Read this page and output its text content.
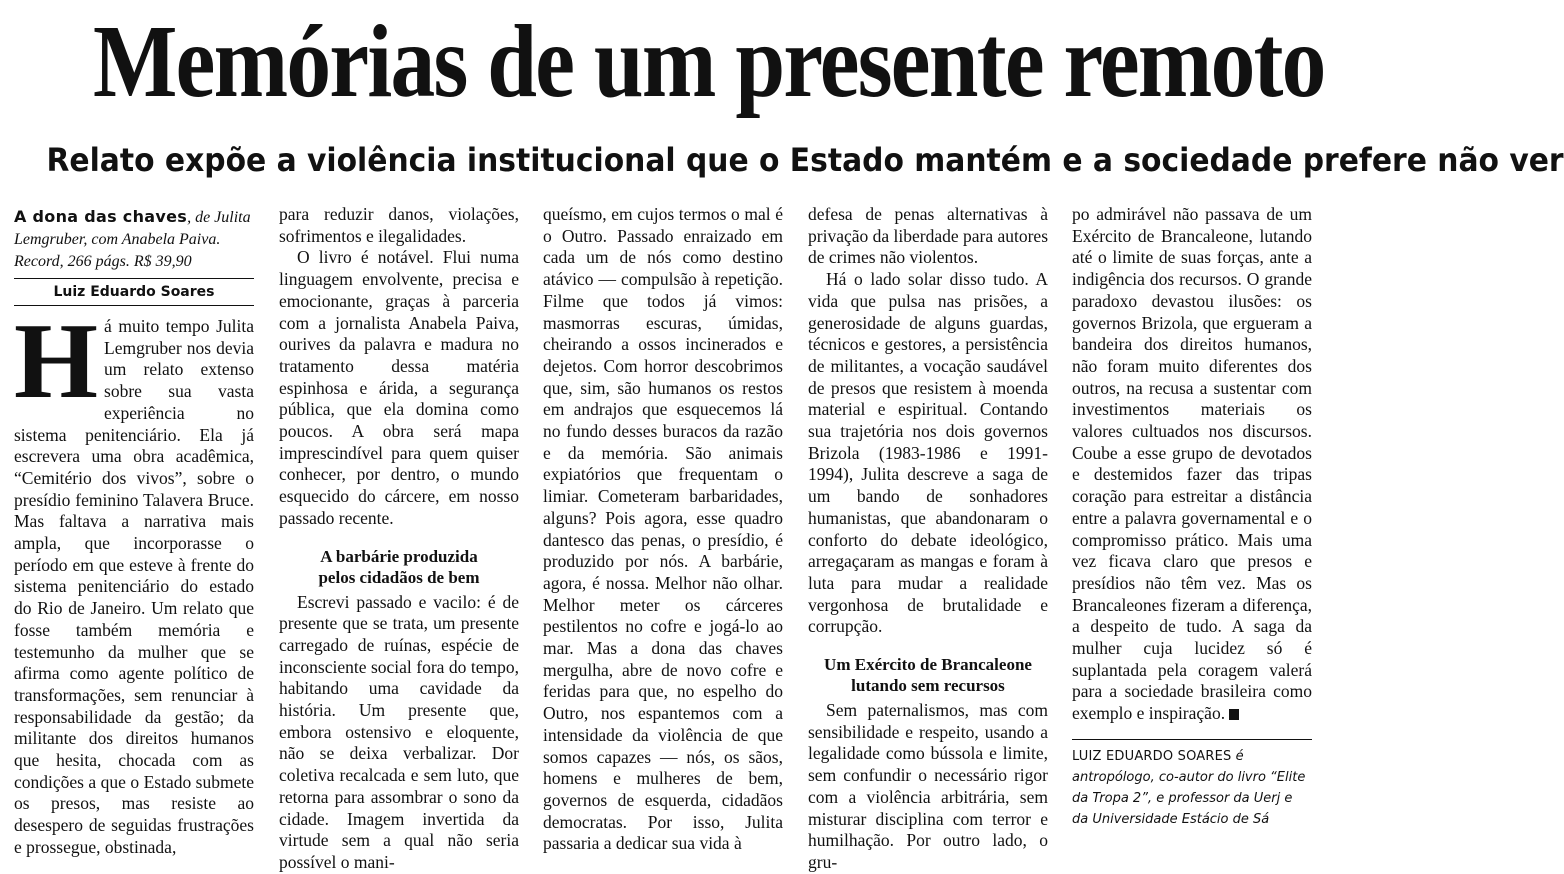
Memórias de um presente remoto
Relato expõe a violência institucional que o Estado mantém e a sociedade prefere não ver
A dona das chaves, de Julita
Lemgruber, com Anabela Paiva.
Record, 266 págs. R$ 39,90
Luiz Eduardo Soares
H á muito tempo Julita Lemgruber nos devia um relato extenso sobre sua vasta experiência no sistema penitenciário. Ela já escrevera uma obra acadêmica, “Cemitério dos vivos”, sobre o presídio feminino Talavera Bruce. Mas faltava a narrativa mais ampla, que incorporasse o período em que esteve à frente do sistema penitenciário do estado do Rio de Janeiro. Um relato que fosse também memória e testemunho da mulher que se afirma como agente político de transformações, sem renunciar à responsabilidade da gestão; da militante dos direitos humanos que hesita, chocada com as condições a que o Estado submete os presos, mas resiste ao desespero de seguidas frustrações e prossegue, obstinada,

para reduzir danos, violações, sofrimentos e ilegalidades.

O livro é notável. Flui numa linguagem envolvente, precisa e emocionante, graças à parceria com a jornalista Anabela Paiva, ourives da palavra e madura no tratamento dessa matéria espinhosa e árida, a segurança pública, que ela domina como poucos. A obra será mapa imprescindível para quem quiser conhecer, por dentro, o mundo esquecido do cárcere, em nosso passado recente.

A barbárie produzida
pelos cidadãos de bem

Escrevi passado e vacilo: é de presente que se trata, um presente carregado de ruínas, espécie de inconsciente social fora do tempo, habitando uma cavidade da história. Um presente que, embora ostensivo e eloquente, não se deixa verbalizar. Dor coletiva recalcada e sem luto, que retorna para assombrar o sono da cidade. Imagem invertida da virtude sem a qual não seria possível o mani-

queísmo, em cujos termos o mal é o Outro. Passado enraizado em cada um de nós como destino atávico — compulsão à repetição. Filme que todos já vimos: masmorras escuras, úmidas, cheirando a ossos incinerados e dejetos. Com horror descobrimos que, sim, são humanos os restos em andrajos que esquecemos lá no fundo desses buracos da razão e da memória. São animais expiatórios que frequentam o limiar. Cometeram barbaridades, alguns? Pois agora, esse quadro dantesco das penas, o presídio, é produzido por nós. A barbárie, agora, é nossa. Melhor não olhar. Melhor meter os cárceres pestilentos no cofre e jogá-lo ao mar. Mas a dona das chaves mergulha, abre de novo cofre e feridas para que, no espelho do Outro, nos espantemos com a intensidade da violência de que somos capazes — nós, os sãos, homens e mulheres de bem, governos de esquerda, cidadãos democratas. Por isso, Julita passaria a dedicar sua vida à

defesa de penas alternativas à privação da liberdade para autores de crimes não violentos.

Há o lado solar disso tudo. A vida que pulsa nas prisões, a generosidade de alguns guardas, técnicos e gestores, a persistência de militantes, a vocação saudável de presos que resistem à moenda material e espiritual. Contando sua trajetória nos dois governos Brizola (1983-1986 e 1991-1994), Julita descreve a saga de um bando de sonhadores humanistas, que abandonaram o conforto do debate ideológico, arregaçaram as mangas e foram à luta para mudar a realidade vergonhosa de brutalidade e corrupção.

Um Exército de Brancaleone
lutando sem recursos

Sem paternalismos, mas com sensibilidade e respeito, usando a legalidade como bússola e limite, sem confundir o necessário rigor com a violência arbitrária, sem misturar disciplina com terror e humilhação. Por outro lado, o gru-

po admirável não passava de um Exército de Brancaleone, lutando até o limite de suas forças, ante a indigência dos recursos. O grande paradoxo devastou ilusões: os governos Brizola, que ergueram a bandeira dos direitos humanos, não foram muito diferentes dos outros, na recusa a sustentar com investimentos materiais os valores cultuados nos discursos. Coube a esse grupo de devotados e destemidos fazer das tripas coração para estreitar a distância entre a palavra governamental e o compromisso prático. Mais uma vez ficava claro que presos e presídios não têm vez. Mas os Brancaleones fizeram a diferença, a despeito de tudo. A saga da mulher cuja lucidez só é suplantada pela coragem valerá para a sociedade brasileira como exemplo e inspiração.

LUIZ EDUARDO SOARES é antropólogo, co-autor do livro “Elite da Tropa 2”, e professor da Uerj e da Universidade Estácio de Sá
